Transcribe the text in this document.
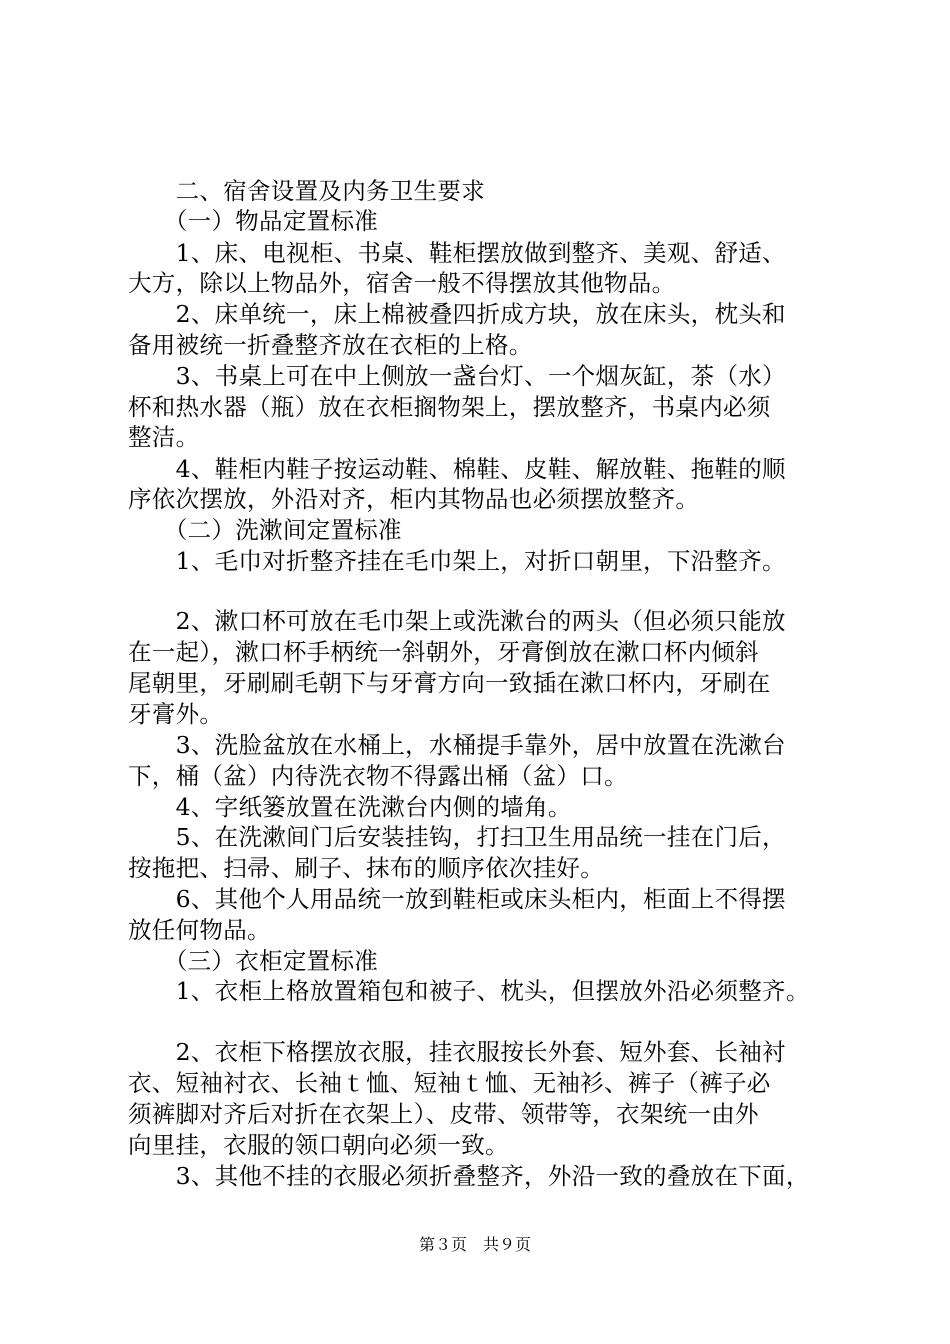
　　二、宿舍设置及内务卫生要求
　　（一）物品定置标准
　　1、床、电视柜、书桌、鞋柜摆放做到整齐、美观、舒适、
大方，除以上物品外，宿舍一般不得摆放其他物品。
　　2、床单统一，床上棉被叠四折成方块，放在床头，枕头和
备用被统一折叠整齐放在衣柜的上格。
　　3、书桌上可在中上侧放一盏台灯、一个烟灰缸，茶（水）
杯和热水器（瓶）放在衣柜搁物架上，摆放整齐，书桌内必须
整洁。
　　4、鞋柜内鞋子按运动鞋、棉鞋、皮鞋、解放鞋、拖鞋的顺
序依次摆放，外沿对齐，柜内其物品也必须摆放整齐。
　　（二）洗漱间定置标准
　　1、毛巾对折整齐挂在毛巾架上，对折口朝里，下沿整齐。
　　2、漱口杯可放在毛巾架上或洗漱台的两头（但必须只能放
在一起），漱口杯手柄统一斜朝外，牙膏倒放在漱口杯内倾斜
尾朝里，牙刷刷毛朝下与牙膏方向一致插在漱口杯内，牙刷在
牙膏外。
　　3、洗脸盆放在水桶上，水桶提手靠外，居中放置在洗漱台
下，桶（盆）内待洗衣物不得露出桶（盆）口。
　　4、字纸篓放置在洗漱台内侧的墙角。
　　5、在洗漱间门后安装挂钩，打扫卫生用品统一挂在门后，
按拖把、扫帚、刷子、抹布的顺序依次挂好。
　　6、其他个人用品统一放到鞋柜或床头柜内，柜面上不得摆
放任何物品。
　　（三）衣柜定置标准
　　1、衣柜上格放置箱包和被子、枕头，但摆放外沿必须整齐。
　　2、衣柜下格摆放衣服，挂衣服按长外套、短外套、长袖衬
衣、短袖衬衣、长袖ｔ恤、短袖ｔ恤、无袖衫、裤子（裤子必
须裤脚对齐后对折在衣架上）、皮带、领带等，衣架统一由外
向里挂，衣服的领口朝向必须一致。
　　3、其他不挂的衣服必须折叠整齐，外沿一致的叠放在下面，
第３页　共９页
